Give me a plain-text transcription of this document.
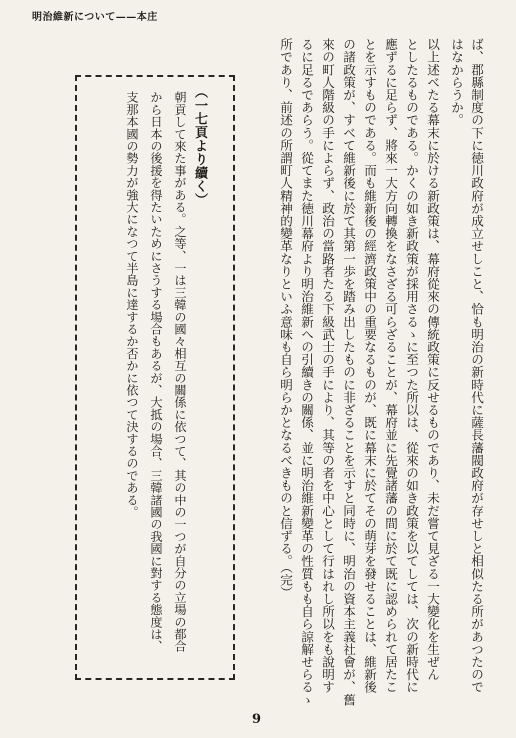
明治維新について——本庄
ば、郡縣制度の下に徳川政府が成立せしこと、恰も明治の新時代に薩長藩閥政府が存せしと相似たる所があつたので
はなからうか。
以上述べたる幕末に於ける新政策は、幕府從來の傳統政策に反せるものであり、未だ嘗て見ざる一大變化を生ぜん
としたるものである。かくの如き新政策が採用さるゝに至つた所以は、從來の如き政策を以てしては、次の新時代に
應ずるに足らず、將來一大方向轉換をなさざる可らざることが、幕府並に先覺諸藩の間に於て既に認められて居たこ
とを示すものである。而も維新後の經濟政策中の重要なるものが、既に幕末に於てその萌芽を發せることは、維新後
の諸政策が、すべて維新後に於て其第一歩を踏み出したものに非ざることを示すと同時に、明治の資本主義社會が、舊
來の町人階級の手によらず、政治の當路者たる下級武士の手により、其等の者を中心として行はれし所以をも說明す
るに足るであらう。從てまた徳川幕府より明治維新への引續きの關係、並に明治維新變革の性質もも自ら諒解せらるゝ
所であり、前述の所謂町人精神的變革なりといふ意味も自ら明らかとなるべきものと信ずる。（完）
（一七頁より續く）
朝貢して來た事がある。之等、一は三韓の國々相互の關係に依つて、其の中の一つが自分の立場の都合
から日本の後援を得たいためにさうする場合もあるが、大抵の場合、三韓諸國の我國に對する態度は、
支那本國の勢力が強大になつて半島に達するか否かに依つて決するのである。
9
